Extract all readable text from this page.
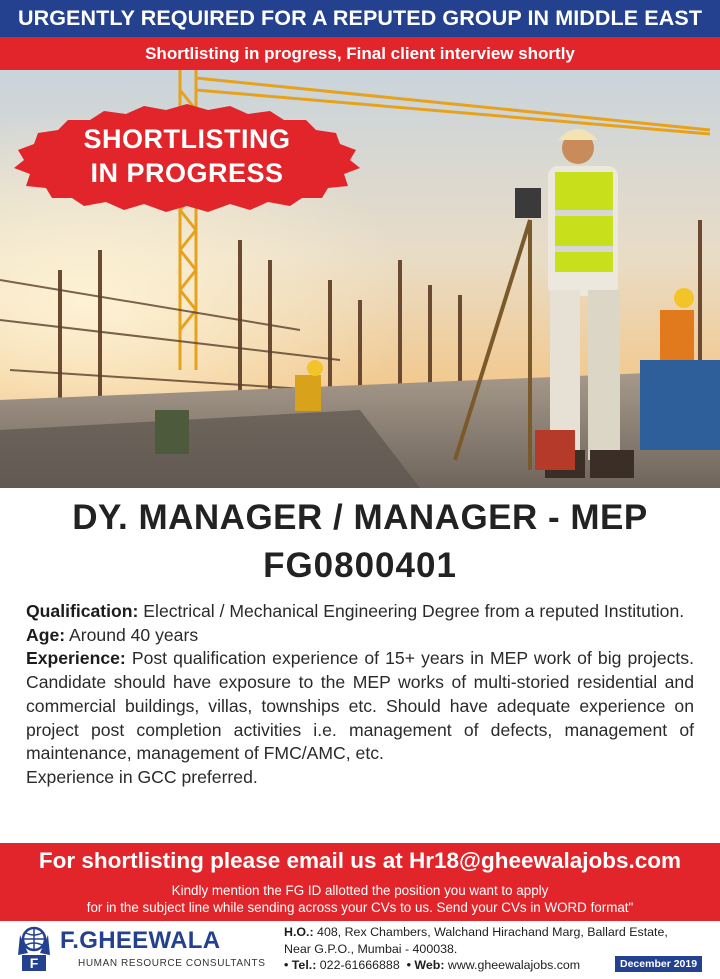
URGENTLY REQUIRED FOR A REPUTED GROUP IN MIDDLE EAST
Shortlisting in progress, Final client interview shortly
SHORTLISTING
IN PROGRESS
DY. MANAGER / MANAGER - MEP
FG0800401

Qualification: Electrical / Mechanical Engineering Degree from a reputed Institution.

Age: Around 40 years

Experience: Post qualification experience of 15+ years in MEP work of big projects. Candidate should have exposure to the MEP works of multi-storied residential and commercial buildings, villas, townships etc. Should have adequate experience on project post completion activities i.e. management of defects, management of maintenance, management of FMC/AMC, etc.

Experience in GCC preferred.

For shortlisting please email us at Hr18@gheewalajobs.com
Kindly mention the FG ID allotted the position you want to apply
for in the subject line while sending across your CVs to us. Send your CVs in WORD format"
F
F.GHEEWALA
HUMAN RESOURCE CONSULTANTS
H.O.: 408, Rex Chambers, Walchand Hirachand Marg, Ballard Estate,
Near G.P.O., Mumbai - 400038.
• Tel.: 022-61666888  • Web: www.gheewalajobs.com	December 2019
